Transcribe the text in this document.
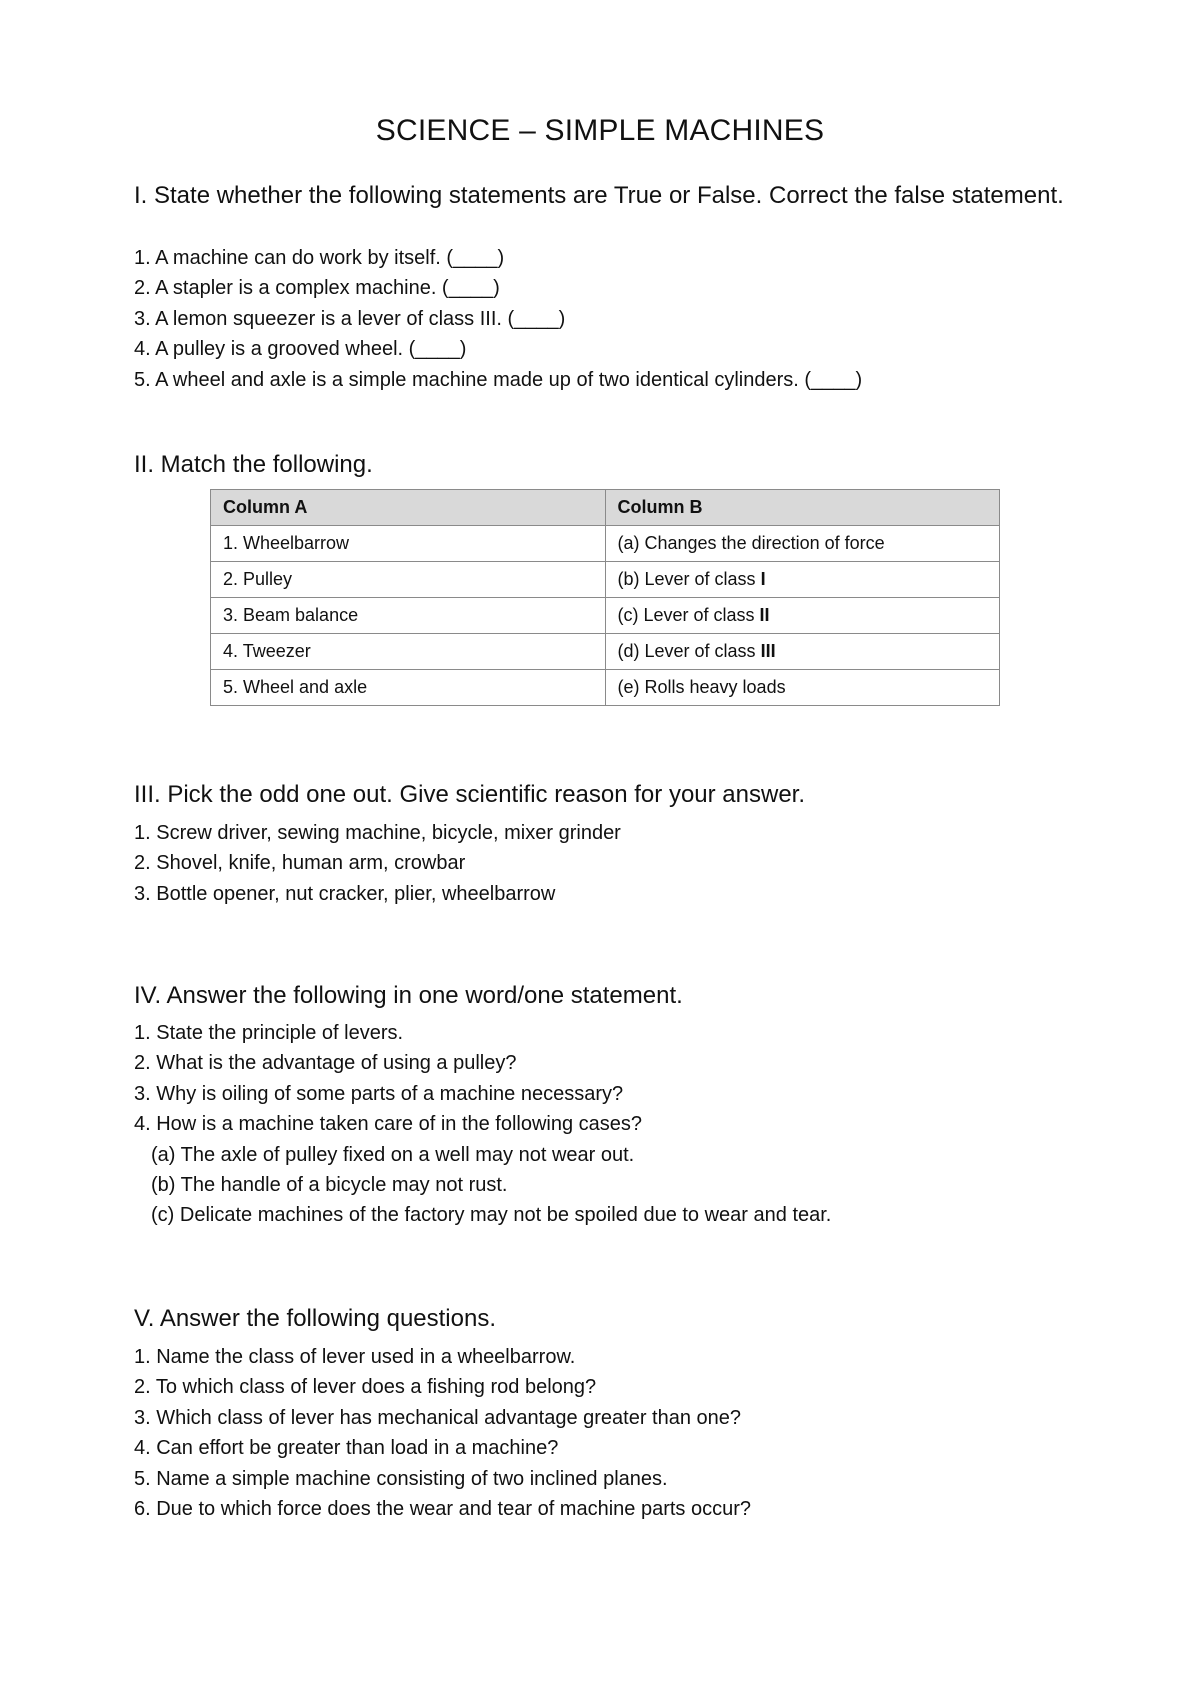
SCIENCE – SIMPLE MACHINES
I. State whether the following statements are True or False. Correct the false statement.
1. A machine can do work by itself. (____)
2. A stapler is a complex machine. (____)
3. A lemon squeezer is a lever of class III. (____)
4. A pulley is a grooved wheel. (____)
5. A wheel and axle is a simple machine made up of two identical cylinders. (____)
II. Match the following.
Column A	Column B
1. Wheelbarrow	(a) Changes the direction of force
2. Pulley	(b) Lever of class I
3. Beam balance	(c) Lever of class II
4. Tweezer	(d) Lever of class III
5. Wheel and axle	(e) Rolls heavy loads
III. Pick the odd one out. Give scientific reason for your answer.
1. Screw driver, sewing machine, bicycle, mixer grinder
2. Shovel, knife, human arm, crowbar
3. Bottle opener, nut cracker, plier, wheelbarrow
IV. Answer the following in one word/one statement.
1. State the principle of levers.
2. What is the advantage of using a pulley?
3. Why is oiling of some parts of a machine necessary?
4. How is a machine taken care of in the following cases?
(a) The axle of pulley fixed on a well may not wear out.
(b) The handle of a bicycle may not rust.
(c) Delicate machines of the factory may not be spoiled due to wear and tear.
V. Answer the following questions.
1. Name the class of lever used in a wheelbarrow.
2. To which class of lever does a fishing rod belong?
3. Which class of lever has mechanical advantage greater than one?
4. Can effort be greater than load in a machine?
5. Name a simple machine consisting of two inclined planes.
6. Due to which force does the wear and tear of machine parts occur?
